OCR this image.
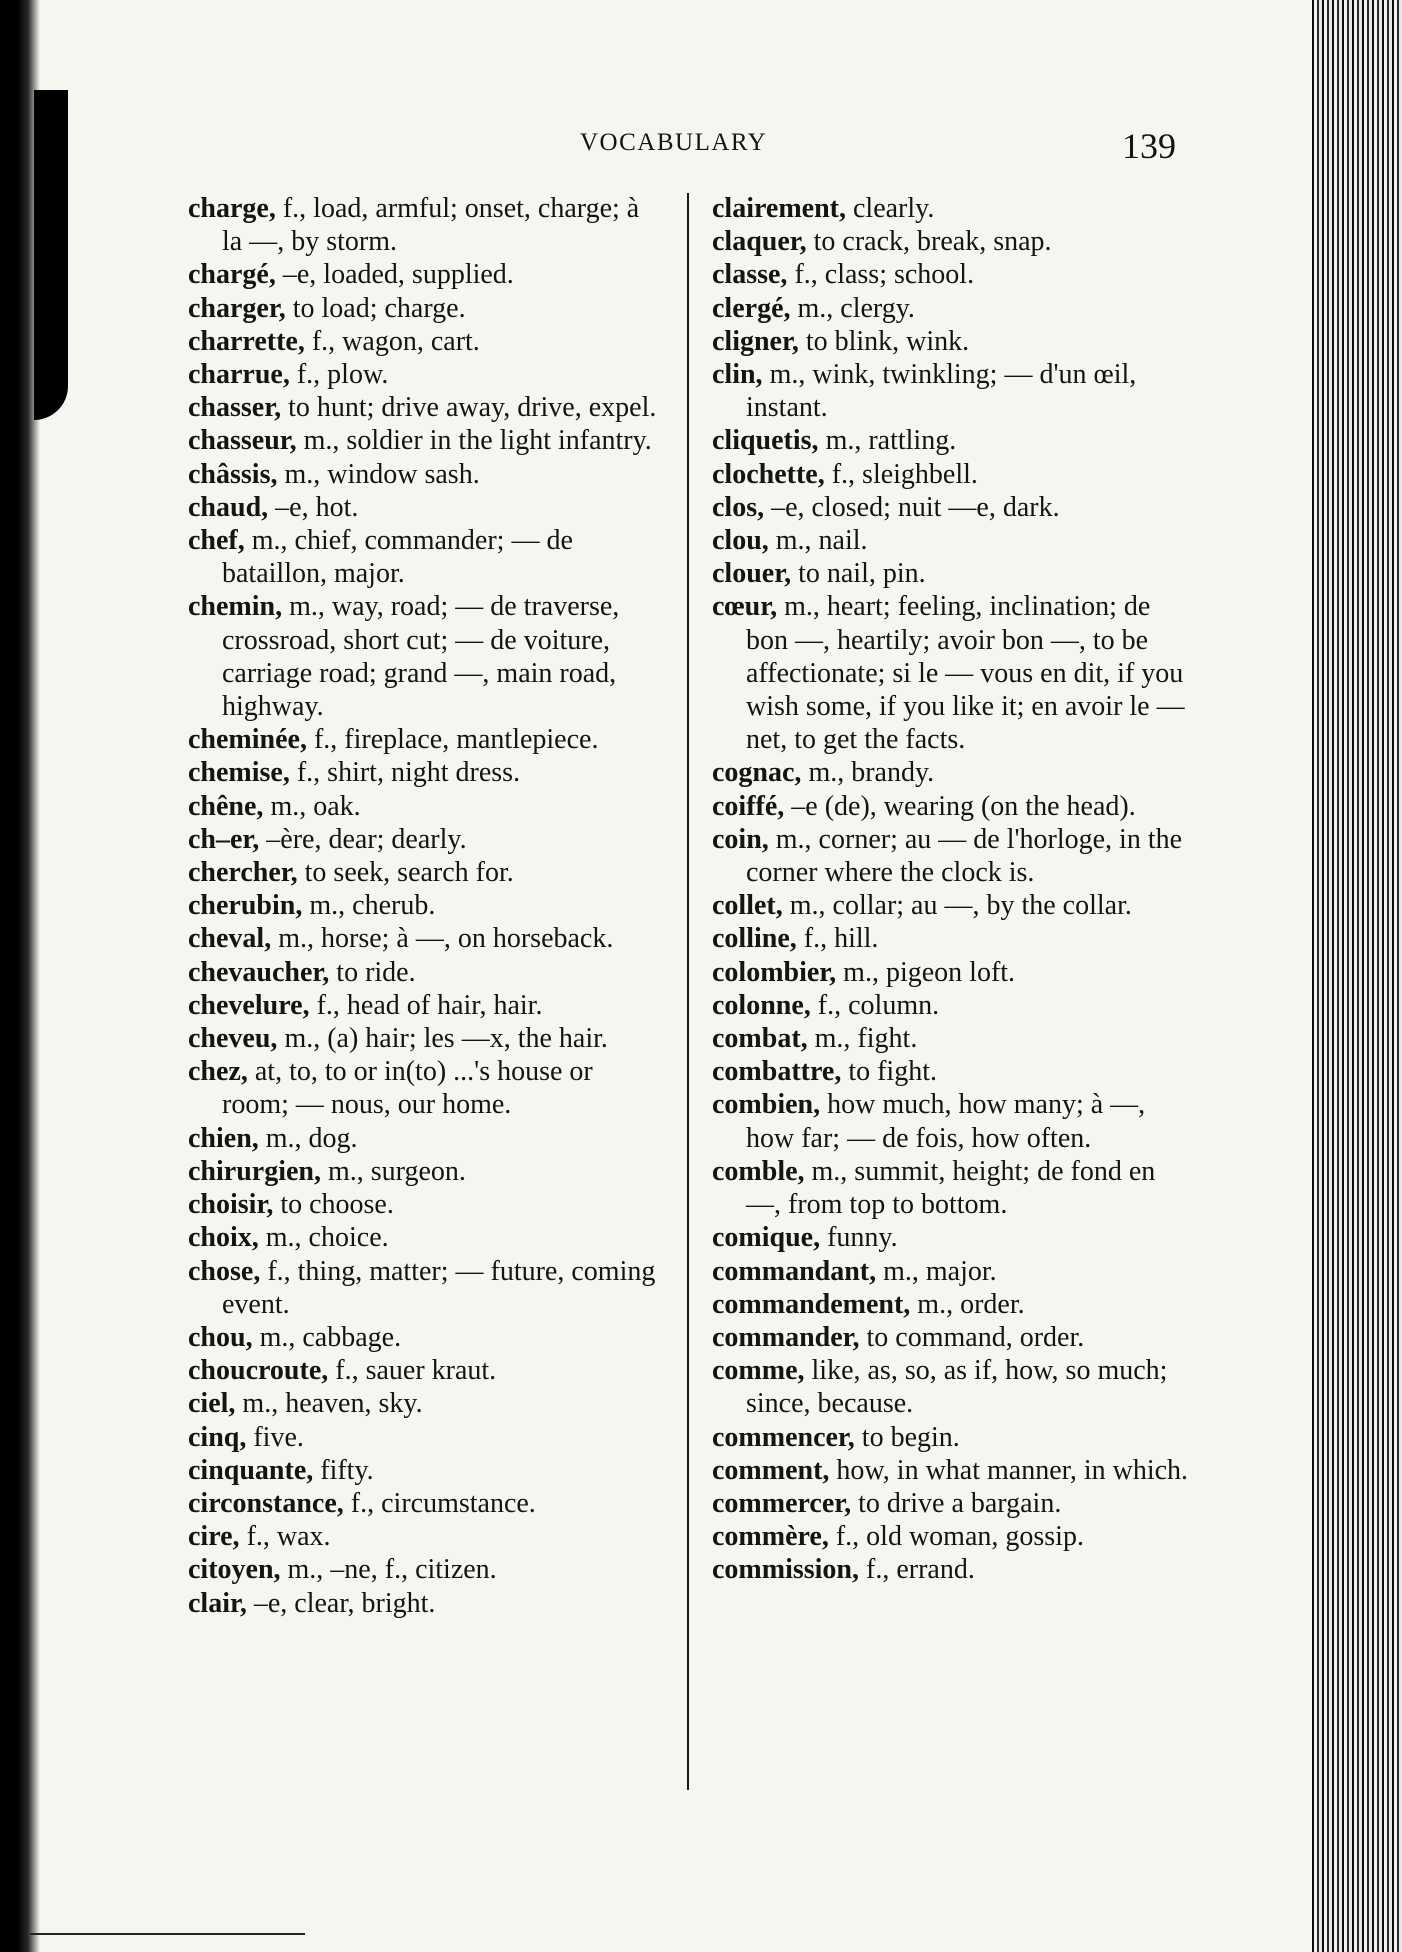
VOCABULARY	139
charge, f., load, armful; onset, charge; à la —, by storm.
chargé, –e, loaded, supplied.
charger, to load; charge.
charrette, f., wagon, cart.
charrue, f., plow.
chasser, to hunt; drive away, drive, expel.
chasseur, m., soldier in the light infantry.
châssis, m., window sash.
chaud, –e, hot.
chef, m., chief, commander; — de bataillon, major.
chemin, m., way, road; — de traverse, crossroad, short cut; — de voiture, carriage road; grand —, main road, highway.
cheminée, f., fireplace, mantlepiece.
chemise, f., shirt, night dress.
chêne, m., oak.
ch–er, –ère, dear; dearly.
chercher, to seek, search for.
cherubin, m., cherub.
cheval, m., horse; à —, on horseback.
chevaucher, to ride.
chevelure, f., head of hair, hair.
cheveu, m., (a) hair; les —x, the hair.
chez, at, to, to or in(to) ...'s house or room; — nous, our home.
chien, m., dog.
chirurgien, m., surgeon.
choisir, to choose.
choix, m., choice.
chose, f., thing, matter; — future, coming event.
chou, m., cabbage.
choucroute, f., sauer kraut.
ciel, m., heaven, sky.
cinq, five.
cinquante, fifty.
circonstance, f., circumstance.
cire, f., wax.
citoyen, m., –ne, f., citizen.
clair, –e, clear, bright.
clairement, clearly.
claquer, to crack, break, snap.
classe, f., class; school.
clergé, m., clergy.
cligner, to blink, wink.
clin, m., wink, twinkling; — d'un œil, instant.
cliquetis, m., rattling.
clochette, f., sleighbell.
clos, –e, closed; nuit —e, dark.
clou, m., nail.
clouer, to nail, pin.
cœur, m., heart; feeling, inclination; de bon —, heartily; avoir bon —, to be affectionate; si le — vous en dit, if you wish some, if you like it; en avoir le — net, to get the facts.
cognac, m., brandy.
coiffé, –e (de), wearing (on the head).
coin, m., corner; au — de l'horloge, in the corner where the clock is.
collet, m., collar; au —, by the collar.
colline, f., hill.
colombier, m., pigeon loft.
colonne, f., column.
combat, m., fight.
combattre, to fight.
combien, how much, how many; à —, how far; — de fois, how often.
comble, m., summit, height; de fond en —, from top to bottom.
comique, funny.
commandant, m., major.
commandement, m., order.
commander, to command, order.
comme, like, as, so, as if, how, so much; since, because.
commencer, to begin.
comment, how, in what manner, in which.
commercer, to drive a bargain.
commère, f., old woman, gossip.
commission, f., errand.
